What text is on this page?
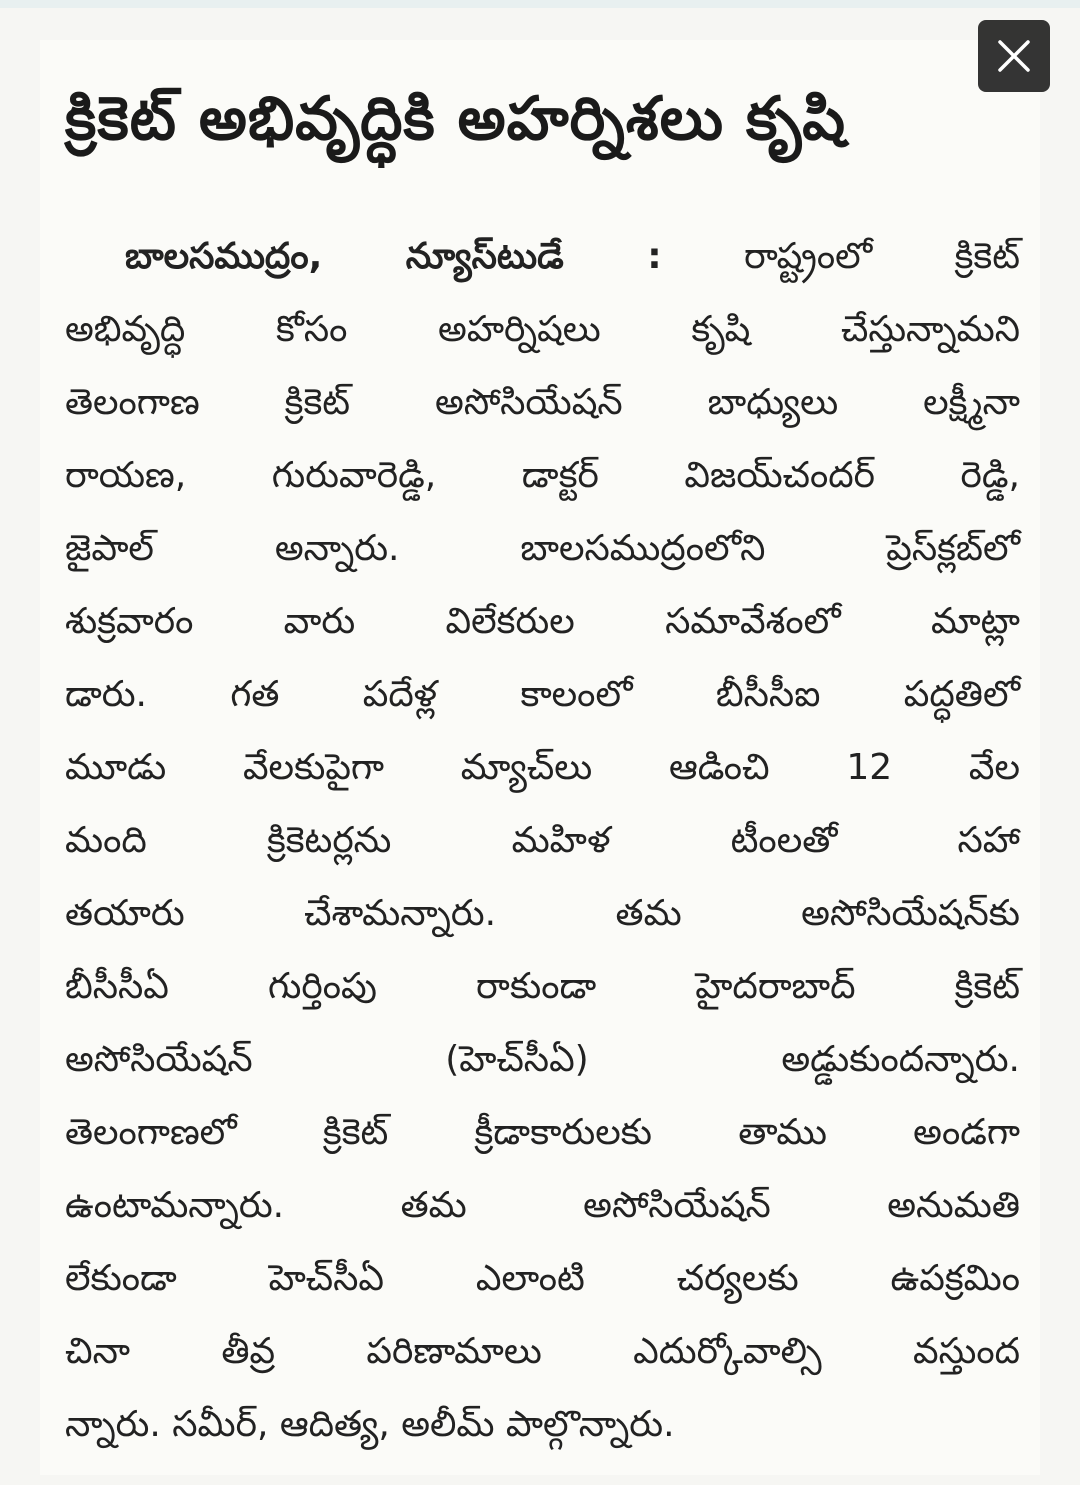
క్రికెట్ అభివృద్ధికి అహర్నిశలు కృషి
బాలసముద్రం, న్యూస్‌టుడే : రాష్ట్రంలో క్రికెట్
అభివృద్ధి కోసం అహర్నిషలు కృషి చేస్తున్నామని
తెలంగాణ క్రికెట్ అసోసియేషన్ బాధ్యులు లక్ష్మీనా
రాయణ, గురువారెడ్డి, డాక్టర్ విజయ్‌చందర్ రెడ్డి,
జైపాల్ అన్నారు. బాలసముద్రంలోని ప్రెస్‌క్లబ్‌లో
శుక్రవారం వారు విలేకరుల సమావేశంలో మాట్లా
డారు. గత పదేళ్ల కాలంలో బీసీసీఐ పద్ధతిలో
మూడు వేలకుపైగా మ్యాచ్‌లు ఆడించి 12 వేల
మంది క్రికెటర్లను మహిళ టీంలతో సహా
తయారు చేశామన్నారు. తమ అసోసియేషన్‌కు
బీసీసీఏ గుర్తింపు రాకుండా హైదరాబాద్ క్రికెట్
అసోసియేషన్ (హెచ్‌సీఏ) అడ్డుకుందన్నారు.
తెలంగాణలో క్రికెట్ క్రీడాకారులకు తాము అండగా
ఉంటామన్నారు. తమ అసోసియేషన్ అనుమతి
లేకుండా హెచ్‌సీఏ ఎలాంటి చర్యలకు ఉపక్రమిం
చినా తీవ్ర పరిణామాలు ఎదుర్కోవాల్సి వస్తుంద
న్నారు. సమీర్, ఆదిత్య, అలీమ్ పాల్గొన్నారు.
